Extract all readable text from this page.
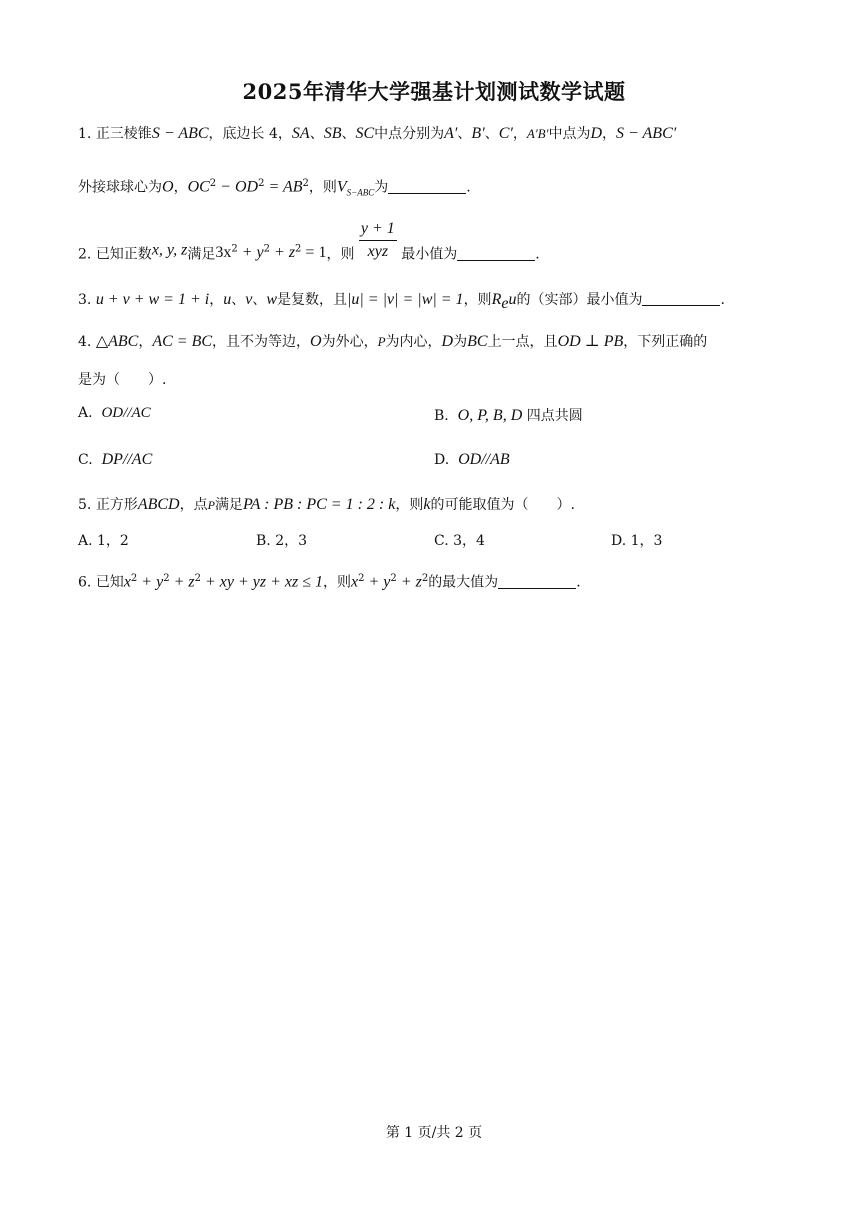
2025年清华大学强基计划测试数学试题
1. 正三棱锥S − ABC，底边长 4，SA、SB、SC中点分别为A′、B′、C′，A′B′中点为D，S − ABC′
外接球球心为O，$OC^2 - OD^2 = AB^2$，则$V_{S-ABC}$为	.
2. 已知正数x, y, z满足$3x^2 + y^2 + z^2 = 1$，则 $\frac{y + 1}{\text{xyz}}$ 最小值为	.
3. u + v + w = 1 + i，u、v、w是复数，且|u| = |v| = |w| = 1，则$R_eu$的（实部）最小值为	.
4. △ABC，AC = BC，且不为等边，O为外心，P为内心，D为BC上一点，且OD ⊥ PB，下列正确的
是为（　　）.
A. OD//AC	B. O, P, B, D 四点共圆
C. DP//AC	D. OD//AB
5. 正方形ABCD，点P满足PA : PB : PC = 1 : 2 : k，则k的可能取值为（　　）.
A. 1，2	B. 2，3	C. 3，4	D. 1，3
6. 已知$x^2 + y^2 + z^2$ + xy + yz + xz ≤ 1，则$x^2 + y^2 + z^2$的最大值为	.
第 1 页/共 2 页
